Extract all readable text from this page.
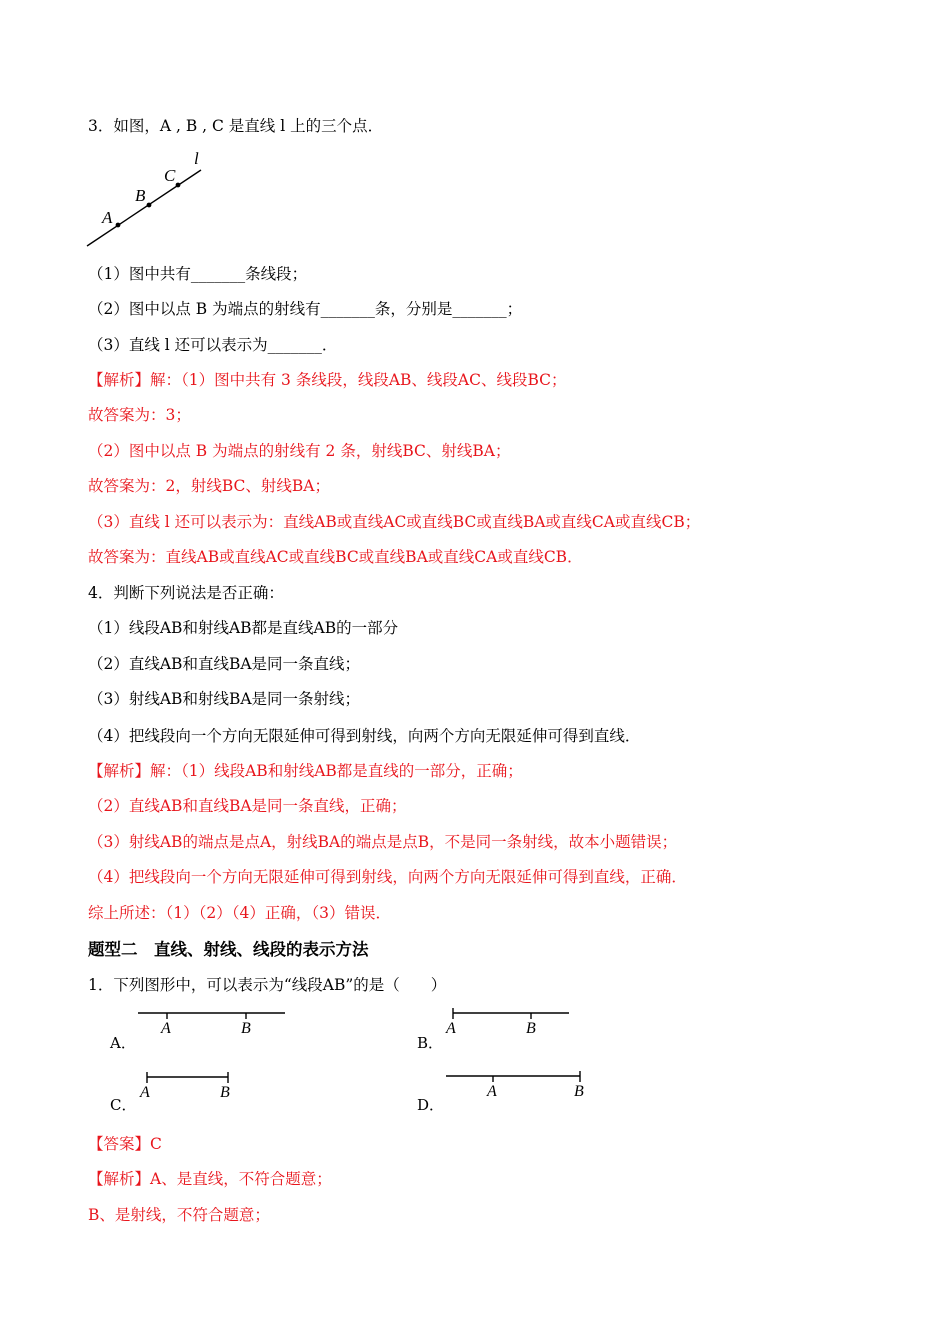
3．如图，A , B , C 是直线 l 上的三个点．
A
B
C
l
（1）图中共有_______条线段；
（2）图中以点 B 为端点的射线有_______条，分别是_______；
（3）直线 l 还可以表示为_______．
【解析】解：（1）图中共有 3 条线段，线段AB、线段AC、线段BC；
故答案为：3；
（2）图中以点 B 为端点的射线有 2 条，射线BC、射线BA；
故答案为：2，射线BC、射线BA；
（3）直线 l 还可以表示为：直线AB或直线AC或直线BC或直线BA或直线CA或直线CB；
故答案为：直线AB或直线AC或直线BC或直线BA或直线CA或直线CB．
4．判断下列说法是否正确：
（1）线段AB和射线AB都是直线AB的一部分
（2）直线AB和直线BA是同一条直线；
（3）射线AB和射线BA是同一条射线；
（4）把线段向一个方向无限延伸可得到射线，向两个方向无限延伸可得到直线．
【解析】解：（1）线段AB和射线AB都是直线的一部分，正确；
（2）直线AB和直线BA是同一条直线，正确；
（3）射线AB的端点是点A，射线BA的端点是点B，不是同一条射线，故本小题错误；
（4）把线段向一个方向无限延伸可得到射线，向两个方向无限延伸可得到直线，正确．
综上所述：（1）（2）（4）正确，（3）错误．
题型二　直线、射线、线段的表示方法
1．下列图形中，可以表示为“线段AB”的是（　　）
A	B
A．
A	B
B．
A	B
C．
A	B
D．
【答案】C
【解析】A、是直线，不符合题意；
B、是射线，不符合题意；
